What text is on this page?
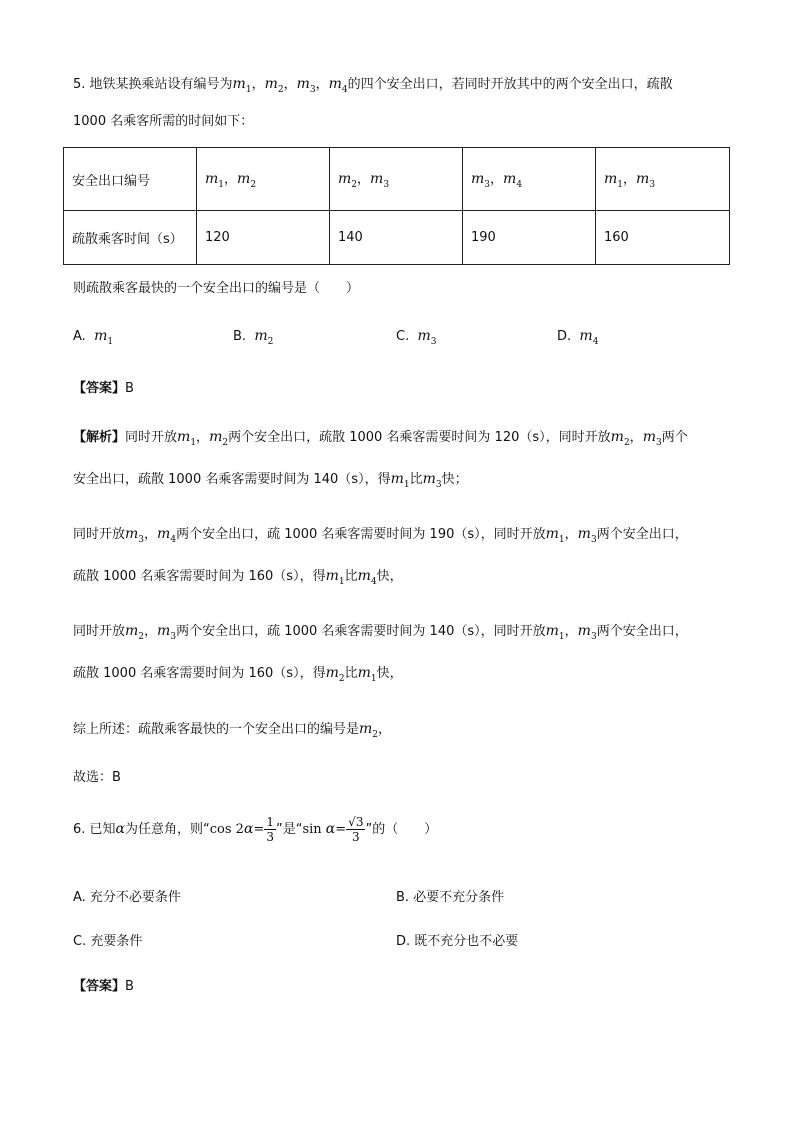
5. 地铁某换乘站设有编号为$m_1$，$m_2$，$m_3$，$m_4$的四个安全出口，若同时开放其中的两个安全出口，疏散
1000 名乘客所需的时间如下：
安全出口编号	$m_1$，$m_2$	$m_2$，$m_3$	$m_3$，$m_4$	$m_1$，$m_3$
疏散乘客时间（s）	120	140	190	160
则疏散乘客最快的一个安全出口的编号是（　　）
A. $m_1$	B. $m_2$	C. $m_3$	D. $m_4$
【答案】B
【解析】同时开放$m_1$，$m_2$两个安全出口，疏散 1000 名乘客需要时间为 120（s），同时开放$m_2$，$m_3$两个
安全出口，疏散 1000 名乘客需要时间为 140（s），得$m_1$比$m_3$快；
同时开放$m_3$，$m_4$两个安全出口，疏 1000 名乘客需要时间为 190（s），同时开放$m_1$，$m_3$两个安全出口，
疏散 1000 名乘客需要时间为 160（s），得$m_1$比$m_4$快，
同时开放$m_2$，$m_3$两个安全出口，疏 1000 名乘客需要时间为 140（s），同时开放$m_1$，$m_3$两个安全出口，
疏散 1000 名乘客需要时间为 160（s），得$m_2$比$m_1$快，
综上所述：疏散乘客最快的一个安全出口的编号是$m_2$，
故选：B
6. 已知α为任意角，则“cos $2\alpha= \frac{1}{3}$ ”是“sin $\alpha= \frac{√3}{3}$ ”的（　　）
A. 充分不必要条件	B. 必要不充分条件
C. 充要条件	D. 既不充分也不必要
【答案】B
